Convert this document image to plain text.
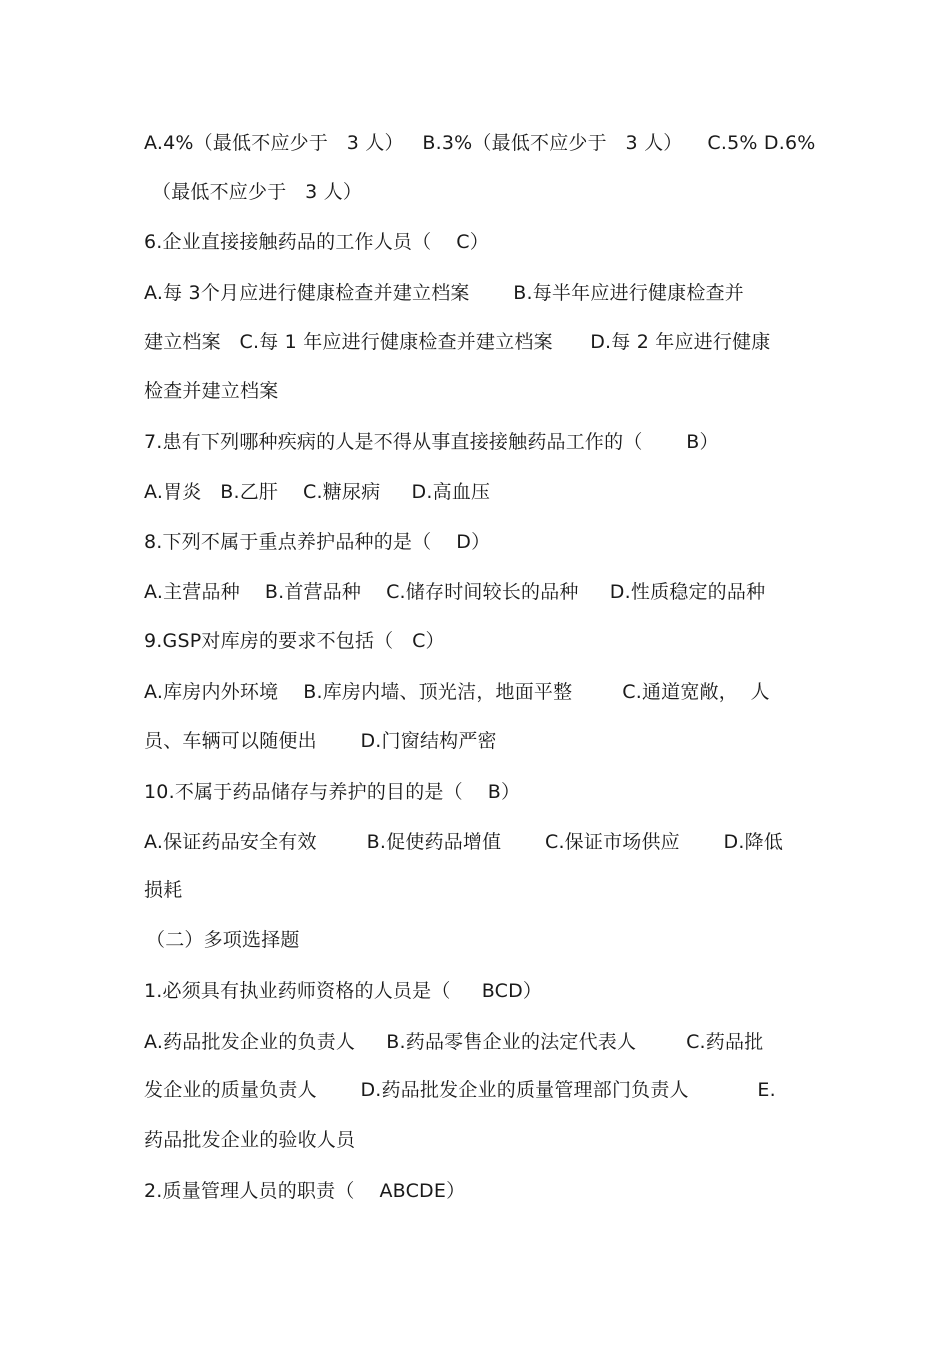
A.4%（最低不应少于   3 人）   B.3%（最低不应少于   3 人）    C.5% D.6%
（最低不应少于   3 人）
6.企业直接接触药品的工作人员（    C）
A.每 3个月应进行健康检查并建立档案       B.每半年应进行健康检查并
建立档案   C.每 1 年应进行健康检查并建立档案      D.每 2 年应进行健康
检查并建立档案
7.患有下列哪种疾病的人是不得从事直接接触药品工作的（       B）
A.胃炎   B.乙肝    C.糖尿病     D.高血压
8.下列不属于重点养护品种的是（    D）
A.主营品种    B.首营品种    C.储存时间较长的品种     D.性质稳定的品种
9.GSP对库房的要求不包括（   C）
A.库房内外环境    B.库房内墙、顶光洁，地面平整        C.通道宽敞，  人
员、车辆可以随便出       D.门窗结构严密
10.不属于药品储存与养护的目的是（    B）
A.保证药品安全有效        B.促使药品增值       C.保证市场供应       D.降低
损耗
（二）多项选择题
1.必须具有执业药师资格的人员是（     BCD）
A.药品批发企业的负责人     B.药品零售企业的法定代表人        C.药品批
发企业的质量负责人       D.药品批发企业的质量管理部门负责人           E.
药品批发企业的验收人员
2.质量管理人员的职责（    ABCDE）
